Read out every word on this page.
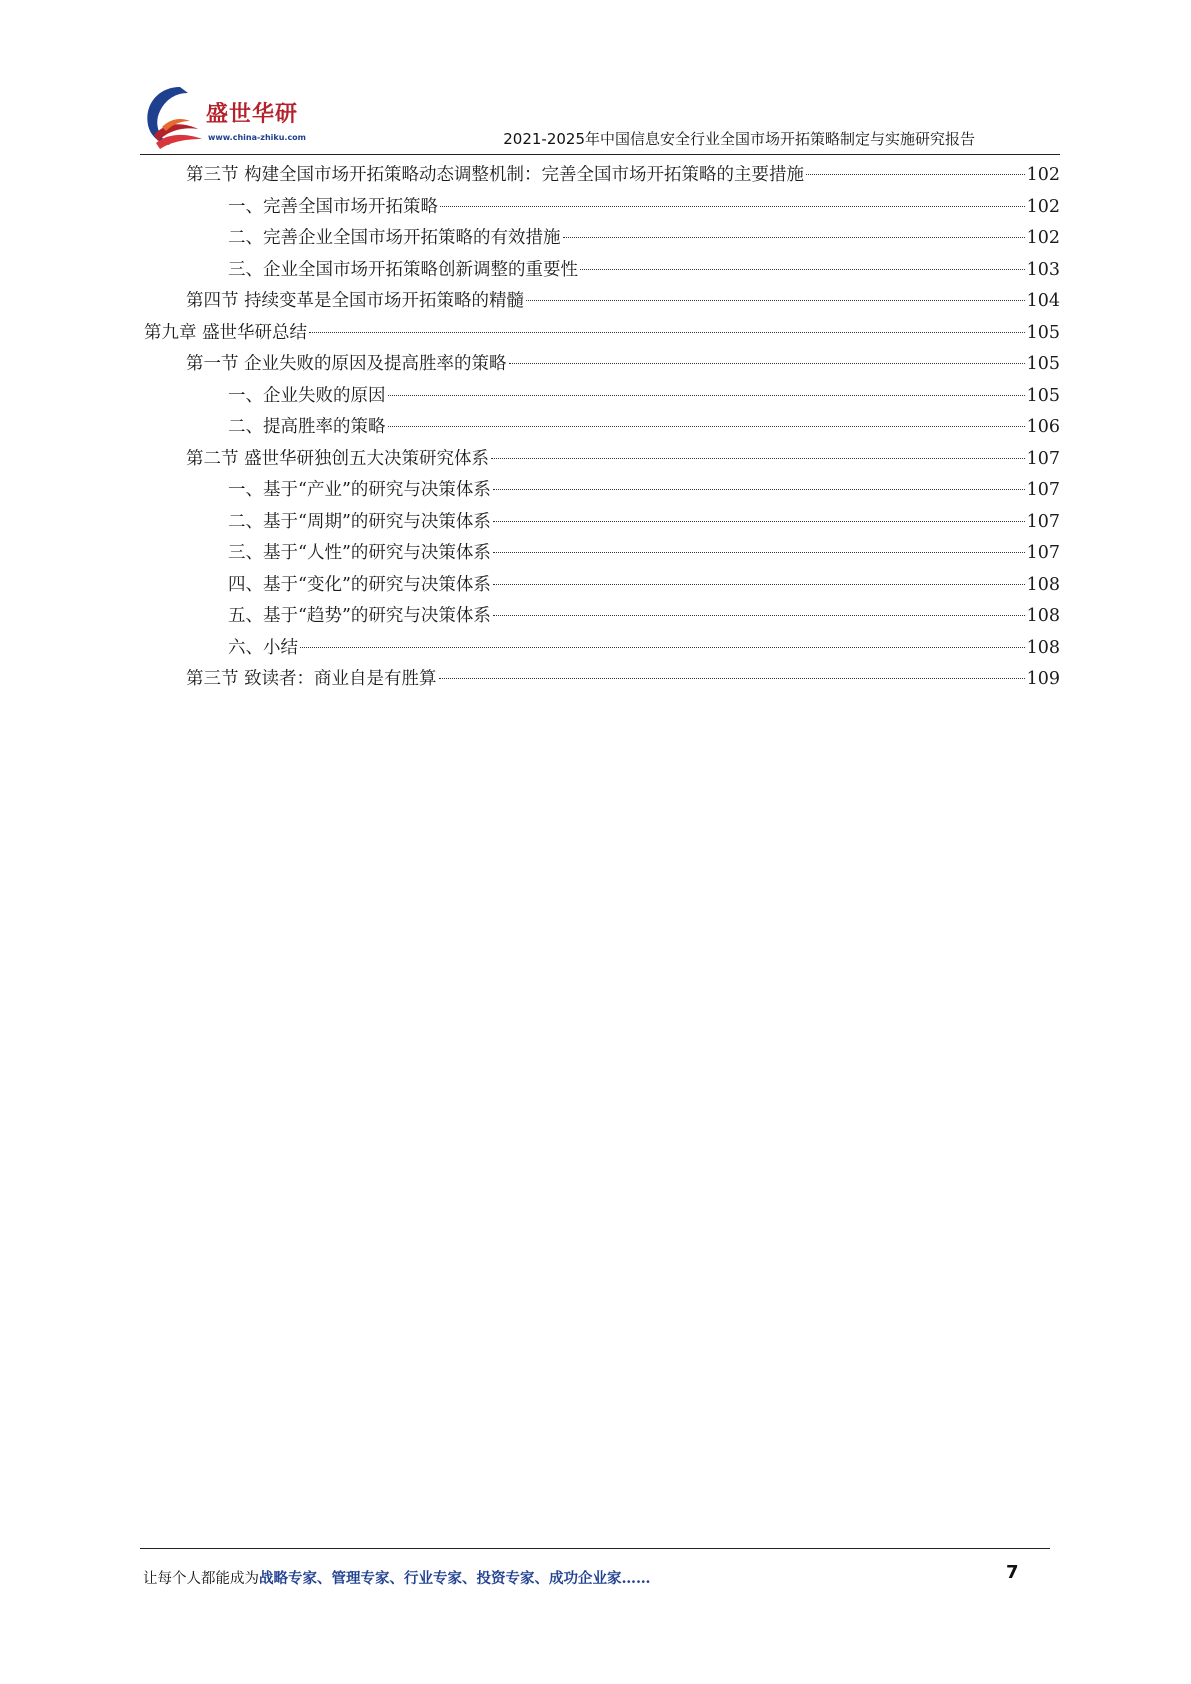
盛世华研
www.china-zhiku.com	2021-2025年中国信息安全行业全国市场开拓策略制定与实施研究报告
第三节 构建全国市场开拓策略动态调整机制：完善全国市场开拓策略的主要措施	102
一、完善全国市场开拓策略	102
二、完善企业全国市场开拓策略的有效措施	102
三、企业全国市场开拓策略创新调整的重要性	103
第四节 持续变革是全国市场开拓策略的精髓	104
第九章 盛世华研总结	105
第一节 企业失败的原因及提高胜率的策略	105
一、企业失败的原因	105
二、提高胜率的策略	106
第二节 盛世华研独创五大决策研究体系	107
一、基于“产业”的研究与决策体系	107
二、基于“周期”的研究与决策体系	107
三、基于“人性”的研究与决策体系	107
四、基于“变化”的研究与决策体系	108
五、基于“趋势”的研究与决策体系	108
六、小结	108
第三节 致读者：商业自是有胜算	109
让每个人都能成为战略专家、管理专家、行业专家、投资专家、成功企业家……	7
